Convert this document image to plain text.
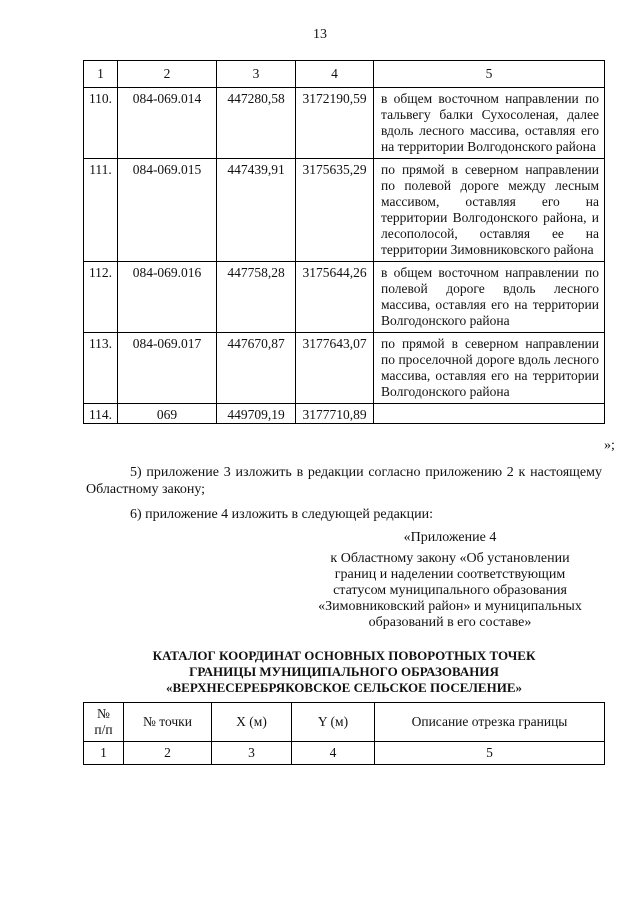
13
1	2	3	4	5
110.	084-069.014	447280,58	3172190,59	в общем восточном направлении по тальвегу балки Сухосоленая, далее вдоль лесного массива, оставляя его на территории Волгодонского района
111.	084-069.015	447439,91	3175635,29	по прямой в северном направлении по полевой дороге между лесным массивом, оставляя его на территории Волгодонского района, и лесополосой, оставляя ее на территории Зимовниковского района
112.	084-069.016	447758,28	3175644,26	в общем восточном направлении по полевой дороге вдоль лесного массива, оставляя его на территории Волгодонского района
113.	084-069.017	447670,87	3177643,07	по прямой в северном направлении по проселочной дороге вдоль лесного массива, оставляя его на территории Волгодонского района
114.	069	449709,19	3177710,89	
»;
5) приложение 3 изложить в редакции согласно приложению 2 к настоящему Областному закону;
6) приложение 4 изложить в следующей редакции:
«Приложение 4
к Областному закону «Об установлении
границ и наделении соответствующим
статусом муниципального образования
«Зимовниковский район» и муниципальных
образований в его составе»
КАТАЛОГ КООРДИНАТ ОСНОВНЫХ ПОВОРОТНЫХ ТОЧЕК
ГРАНИЦЫ МУНИЦИПАЛЬНОГО ОБРАЗОВАНИЯ
«ВЕРХНЕСЕРЕБРЯКОВСКОЕ СЕЛЬСКОЕ ПОСЕЛЕНИЕ»
№
п/п	№ точки	X (м)	Y (м)	Описание отрезка границы
1	2	3	4	5
